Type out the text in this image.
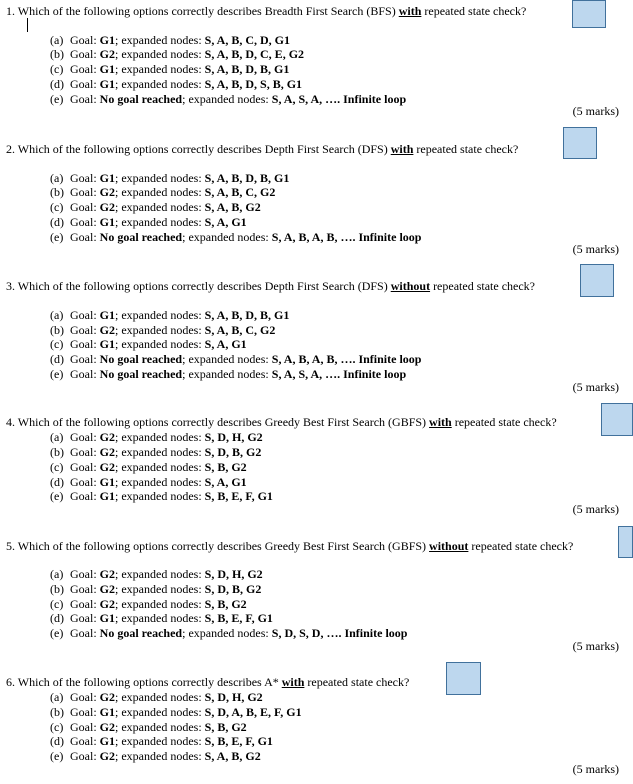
1. Which of the following options correctly describes Breadth First Search (BFS) with repeated state check?
(a) Goal: G1; expanded nodes: S, A, B, C, D, G1
(b) Goal: G2; expanded nodes: S, A, B, D, C, E, G2
(c) Goal: G1; expanded nodes: S, A, B, D, B, G1
(d) Goal: G1; expanded nodes: S, A, B, D, S, B, G1
(e) Goal: No goal reached; expanded nodes: S, A, S, A, …. Infinite loop
(5 marks)
2. Which of the following options correctly describes Depth First Search (DFS) with repeated state check?
(a) Goal: G1; expanded nodes: S, A, B, D, B, G1
(b) Goal: G2; expanded nodes: S, A, B, C, G2
(c) Goal: G2; expanded nodes: S, A, B, G2
(d) Goal: G1; expanded nodes: S, A, G1
(e) Goal: No goal reached; expanded nodes: S, A, B, A, B, …. Infinite loop
(5 marks)
3. Which of the following options correctly describes Depth First Search (DFS) without repeated state check?
(a) Goal: G1; expanded nodes: S, A, B, D, B, G1
(b) Goal: G2; expanded nodes: S, A, B, C, G2
(c) Goal: G1; expanded nodes: S, A, G1
(d) Goal: No goal reached; expanded nodes: S, A, B, A, B, …. Infinite loop
(e) Goal: No goal reached; expanded nodes: S, A, S, A, …. Infinite loop
(5 marks)
4. Which of the following options correctly describes Greedy Best First Search (GBFS) with repeated state check?
(a) Goal: G2; expanded nodes: S, D, H, G2
(b) Goal: G2; expanded nodes: S, D, B, G2
(c) Goal: G2; expanded nodes: S, B, G2
(d) Goal: G1; expanded nodes: S, A, G1
(e) Goal: G1; expanded nodes: S, B, E, F, G1
(5 marks)
5. Which of the following options correctly describes Greedy Best First Search (GBFS) without repeated state check?
(a) Goal: G2; expanded nodes: S, D, H, G2
(b) Goal: G2; expanded nodes: S, D, B, G2
(c) Goal: G2; expanded nodes: S, B, G2
(d) Goal: G1; expanded nodes: S, B, E, F, G1
(e) Goal: No goal reached; expanded nodes: S, D, S, D, …. Infinite loop
(5 marks)
6. Which of the following options correctly describes A* with repeated state check?
(a) Goal: G2; expanded nodes: S, D, H, G2
(b) Goal: G1; expanded nodes: S, D, A, B, E, F, G1
(c) Goal: G2; expanded nodes: S, B, G2
(d) Goal: G1; expanded nodes: S, B, E, F, G1
(e) Goal: G2; expanded nodes: S, A, B, G2
(5 marks)
